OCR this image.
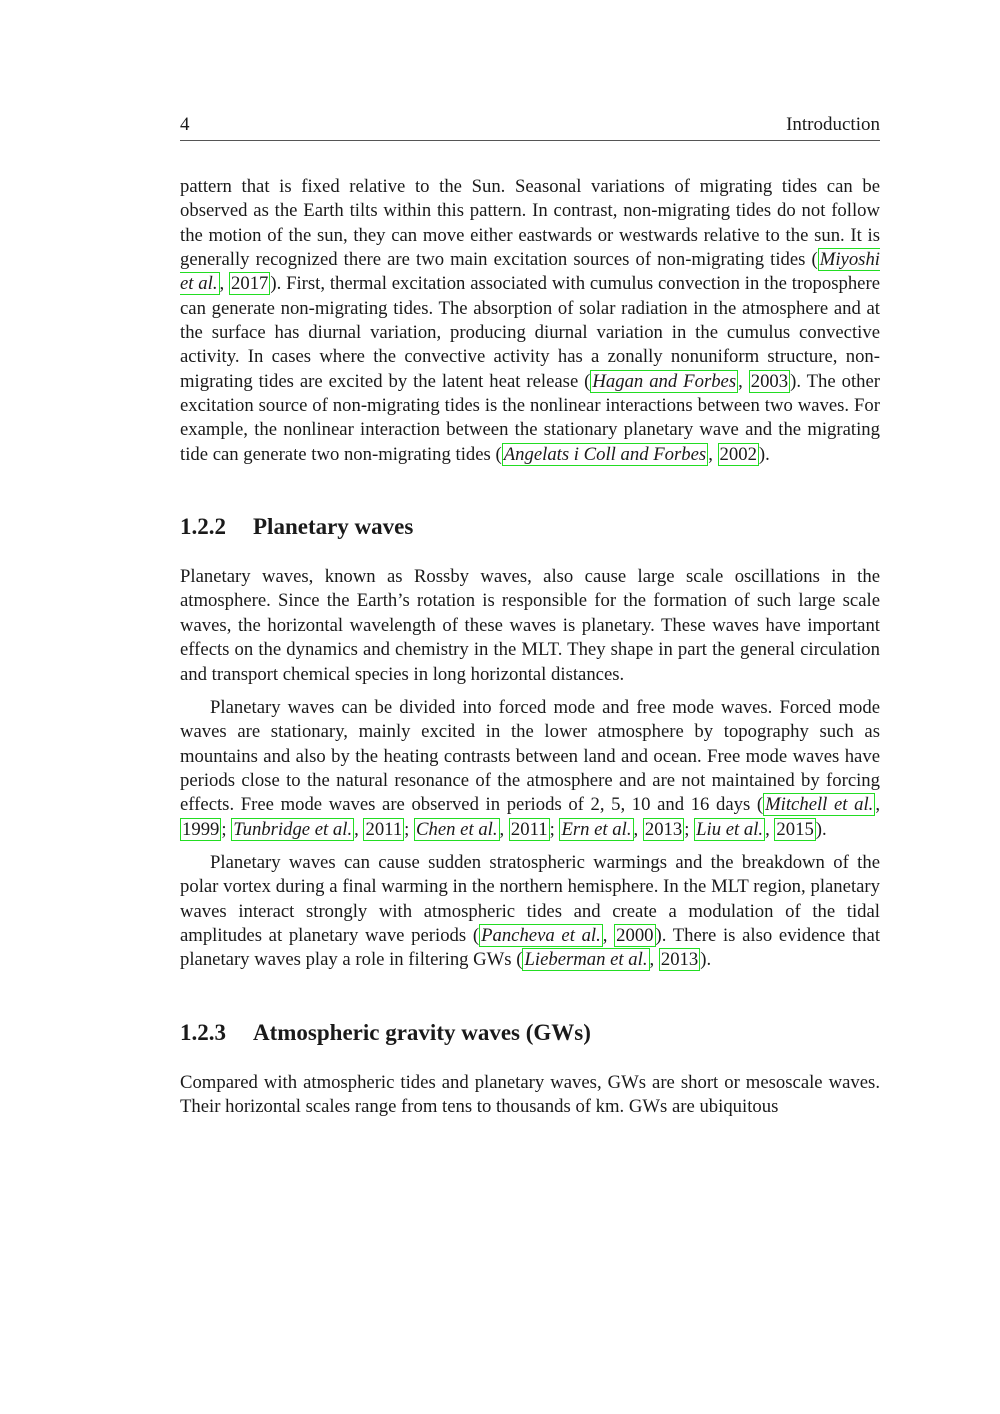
4	Introduction

pattern that is fixed relative to the Sun. Seasonal variations of migrating tides can be observed as the Earth tilts within this pattern. In contrast, non-migrating tides do not follow the motion of the sun, they can move either eastwards or westwards relative to the sun. It is generally recognized there are two main excitation sources of non-migrating tides ( Miyoshi et al. , 2017 ). First, thermal excitation associated with cumulus convection in the troposphere can generate non-migrating tides. The absorption of solar radiation in the atmosphere and at the surface has diurnal variation, producing diurnal variation in the cumulus convective activity. In cases where the convective activity has a zonally nonuniform structure, non-migrating tides are excited by the latent heat release ( Hagan and Forbes , 2003 ). The other excitation source of non-migrating tides is the nonlinear interactions between two waves. For example, the nonlinear interaction between the stationary planetary wave and the migrating tide can generate two non-migrating tides ( Angelats i Coll and Forbes , 2002 ).

1.2.2 Planetary waves

Planetary waves, known as Rossby waves, also cause large scale oscillations in the atmosphere. Since the Earth’s rotation is responsible for the formation of such large scale waves, the horizontal wavelength of these waves is planetary. These waves have important effects on the dynamics and chemistry in the MLT. They shape in part the general circulation and transport chemical species in long horizontal distances.

Planetary waves can be divided into forced mode and free mode waves. Forced mode waves are stationary, mainly excited in the lower atmosphere by topography such as mountains and also by the heating contrasts between land and ocean. Free mode waves have periods close to the natural resonance of the atmosphere and are not maintained by forcing effects. Free mode waves are observed in periods of 2, 5, 10 and 16 days ( Mitchell et al. , 1999 ; Tunbridge et al. , 2011 ; Chen et al. , 2011 ; Ern et al. , 2013 ; Liu et al. , 2015 ).

Planetary waves can cause sudden stratospheric warmings and the breakdown of the polar vortex during a final warming in the northern hemisphere. In the MLT region, planetary waves interact strongly with atmospheric tides and create a modulation of the tidal amplitudes at planetary wave periods ( Pancheva et al. , 2000 ). There is also evidence that planetary waves play a role in filtering GWs ( Lieberman et al. , 2013 ).

1.2.3 Atmospheric gravity waves (GWs)

Compared with atmospheric tides and planetary waves, GWs are short or mesoscale waves. Their horizontal scales range from tens to thousands of km. GWs are ubiquitous
